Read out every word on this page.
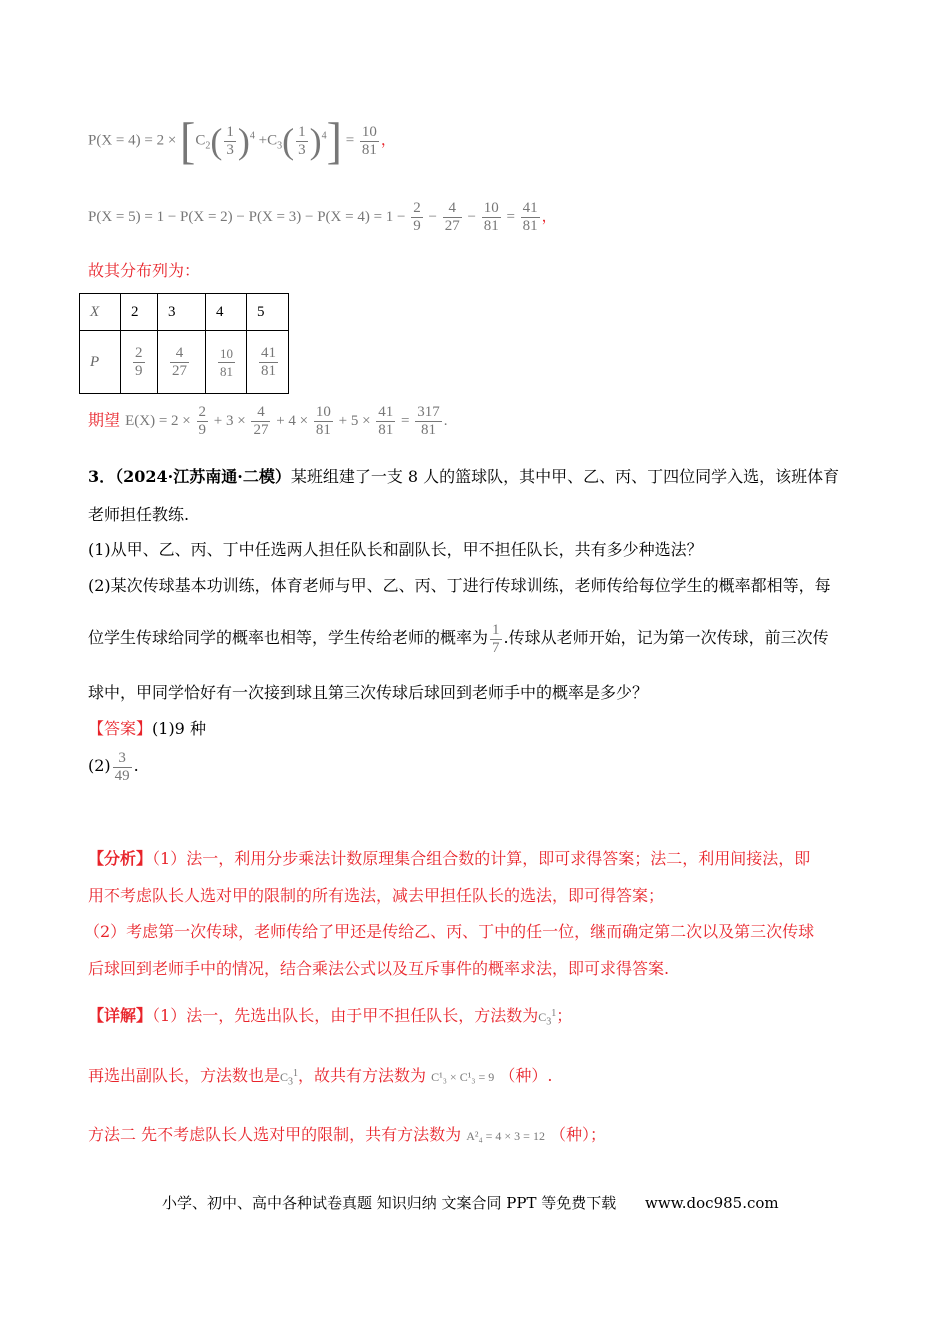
$P(X = 4) = 2 \times [C_2( \frac{1}{3} )^4 +C_3( \frac{1}{3} )^4] = \frac{10}{81}$ ，
$P(X = 5) = 1 - P(X = 2) - P(X = 3) - P(X = 4) = 1 - \frac{2}{9} - \frac{4}{27} - \frac{10}{81} = \frac{41}{81}$ ，
故其分布列为：
X	2	3	4	5
P	$\frac{2}{9}$	$\frac{4}{27}$	$\frac{10}{81}$	$\frac{41}{81}$
期望 $E(X) = 2 \times \frac{2}{9} + 3 \times \frac{4}{27} + 4 \times \frac{10}{81} + 5 \times \frac{41}{81} = \frac{317}{81}$ .
3．（2024·江苏南通·二模）某班组建了一支 8 人的篮球队，其中甲、乙、丙、丁四位同学入选，该班体育
老师担任教练.
(1)从甲、乙、丙、丁中任选两人担任队长和副队长，甲不担任队长，共有多少种选法？
(2)某次传球基本功训练，体育老师与甲、乙、丙、丁进行传球训练，老师传给每位学生的概率都相等，每
位学生传球给同学的概率也相等，学生传给老师的概率为 $\frac{1}{7}$ .传球从老师开始，记为第一次传球，前三次传
球中，甲同学恰好有一次接到球且第三次传球后球回到老师手中的概率是多少？
【答案】(1)9 种
$(2) \frac{3}{49}$ .
【分析】（1）法一，利用分步乘法计数原理集合组合数的计算，即可求得答案；法二，利用间接法，即
用不考虑队长人选对甲的限制的所有选法，减去甲担任队长的选法，即可得答案；
（2）考虑第一次传球，老师传给了甲还是传给乙、丙、丁中的任一位，继而确定第二次以及第三次传球
后球回到老师手中的情况，结合乘法公式以及互斥事件的概率求法，即可求得答案.
【详解】（1）法一，先选出队长，由于甲不担任队长，方法数为$C_3^1$；
再选出副队长，方法数也是$C_3^1$，故共有方法数为 C¹₃ × C¹₃ = 9 （种）.
方法二 先不考虑队长人选对甲的限制，共有方法数为 A²₄ = 4 × 3 = 12 （种）；
小学、初中、高中各种试卷真题 知识归纳 文案合同 PPT 等免费下载 www.doc985.com
